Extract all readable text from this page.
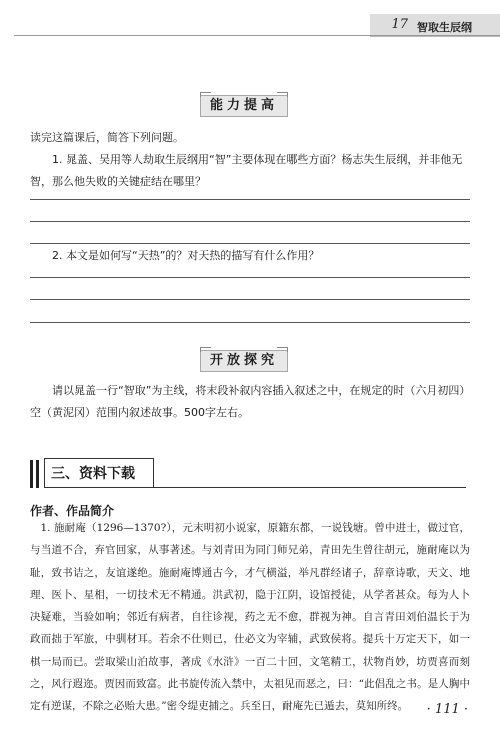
17 智取生辰纲
能力提高

读完这篇课后，简答下列问题。

1. 晁盖、吴用等人劫取生辰纲用“智”主要体现在哪些方面？杨志失生辰纲，并非他无智，那么他失败的关键症结在哪里？

2. 本文是如何写“天热”的？对天热的描写有什么作用？

开放探究

请以晁盖一行“智取”为主线，将末段补叙内容插入叙述之中，在规定的时（六月初四）空（黄泥冈）范围内叙述故事。500字左右。

三、资料下载
作者、作品简介

1. 施耐庵（1296—1370?），元末明初小说家，原籍东都，一说钱塘。曾中进士，做过官，与当道不合，弃官回家，从事著述。与刘青田为同门师兄弟，青田先生曾往胡元，施耐庵以为耻，致书诘之，友谊遂绝。施耐庵博通古今，才气横溢，举凡群经诸子，辞章诗歌，天文、地理、医卜、星相，一切技术无不精通。洪武初，隐于江阴，设馆授徒，从学者甚众。每为人卜决疑难，当验如响；邻近有病者，自往诊视，药之无不愈，群视为神。自言青田刘伯温长于为政而拙于军旅，中驯材耳。若余不仕则已，仕必文为宰辅，武致侯将。提兵十万定天下，如一棋一局而已。尝取梁山泊故事，著成《水浒》一百二十回，文笔精工，状物肖妙，坊贾喜而刻之，风行遐迩。贾因而致富。此书旋传流入禁中，太祖见而恶之，曰：“此倡乱之书。是人胸中定有逆谋，不除之必贻大患。”密令缇吏捕之。兵至日，耐庵先已遁去，莫知所终。	· 111 ·
